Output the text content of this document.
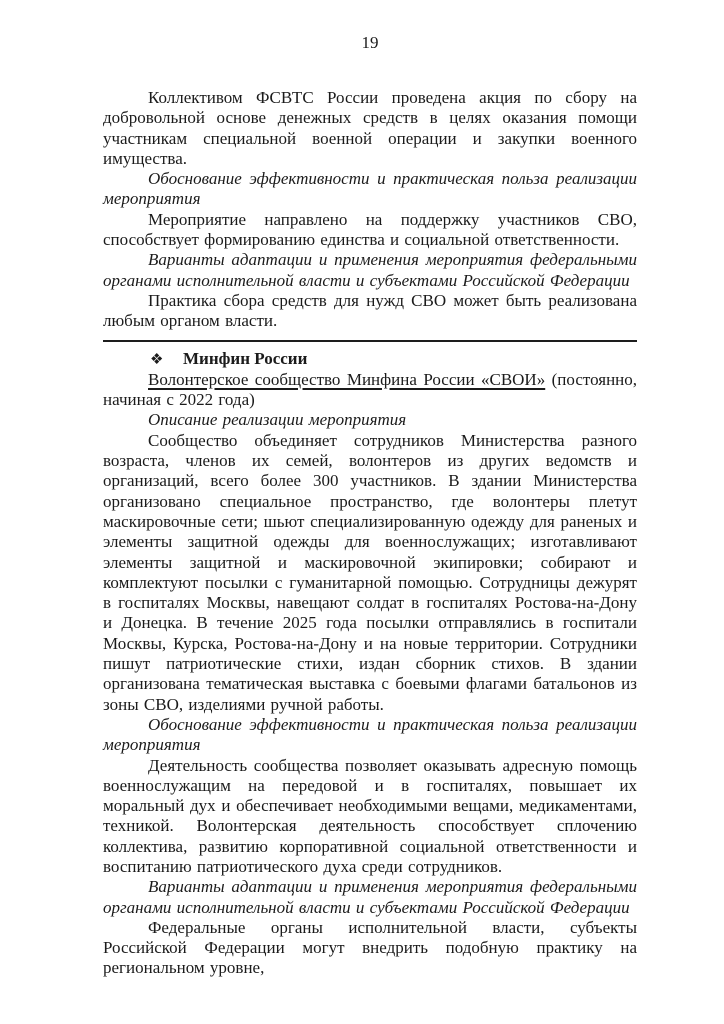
19

Коллективом ФСВТС России проведена акция по сбору на добровольной основе денежных средств в целях оказания помощи участникам специальной военной операции и закупки военного имущества.

Обоснование эффективности и практическая польза реализации мероприятия

Мероприятие направлено на поддержку участников СВО, способствует формированию единства и социальной ответственности.

Варианты адаптации и применения мероприятия федеральными органами исполнительной власти и субъектами Российской Федерации

Практика сбора средств для нужд СВО может быть реализована любым органом власти.

❖ Минфин России

Волонтерское сообщество Минфина России «СВОИ» (постоянно, начиная с 2022 года)

Описание реализации мероприятия

Сообщество объединяет сотрудников Министерства разного возраста, членов их семей, волонтеров из других ведомств и организаций, всего более 300 участников. В здании Министерства организовано специальное пространство, где волонтеры плетут маскировочные сети; шьют специализированную одежду для раненых и элементы защитной одежды для военнослужащих; изготавливают элементы защитной и маскировочной экипировки; собирают и комплектуют посылки с гуманитарной помощью. Сотрудницы дежурят в госпиталях Москвы, навещают солдат в госпиталях Ростова-на-Дону и Донецка. В течение 2025 года посылки отправлялись в госпитали Москвы, Курска, Ростова-на-Дону и на новые территории. Сотрудники пишут патриотические стихи, издан сборник стихов. В здании организована тематическая выставка с боевыми флагами батальонов из зоны СВО, изделиями ручной работы.

Обоснование эффективности и практическая польза реализации мероприятия

Деятельность сообщества позволяет оказывать адресную помощь военнослужащим на передовой и в госпиталях, повышает их моральный дух и обеспечивает необходимыми вещами, медикаментами, техникой. Волонтерская деятельность способствует сплочению коллектива, развитию корпоративной социальной ответственности и воспитанию патриотического духа среди сотрудников.

Варианты адаптации и применения мероприятия федеральными органами исполнительной власти и субъектами Российской Федерации

Федеральные органы исполнительной власти, субъекты Российской Федерации могут внедрить подобную практику на региональном уровне,
